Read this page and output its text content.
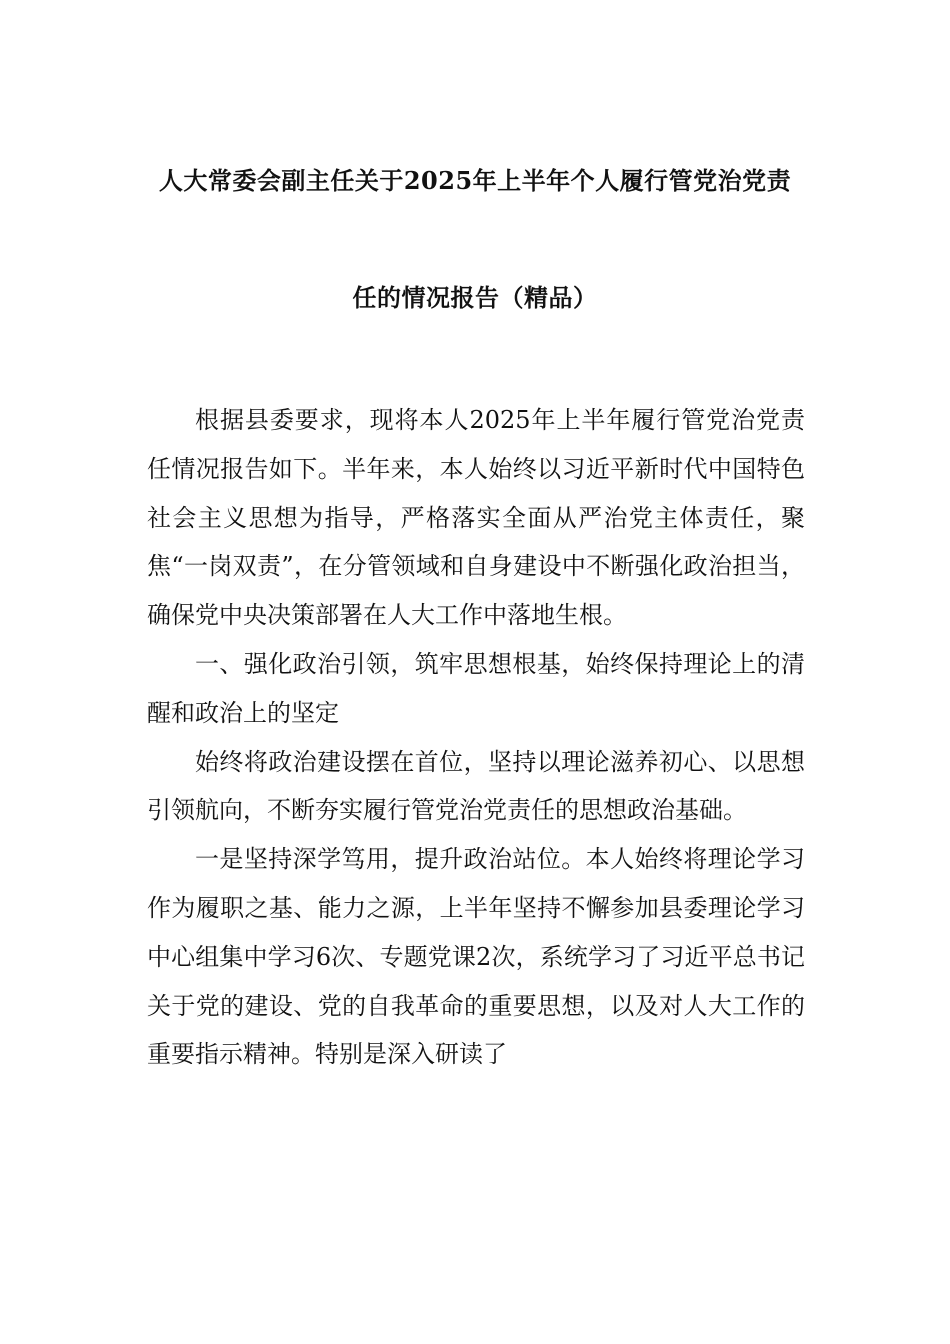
人大常委会副主任关于2025年上半年个人履行管党治党责
任的情况报告（精品）

根据县委要求，现将本人2025年上半年履行管党治党责任情况报告如下。半年来，本人始终以习近平新时代中国特色社会主义思想为指导，严格落实全面从严治党主体责任，聚焦“一岗双责”，在分管领域和自身建设中不断强化政治担当，确保党中央决策部署在人大工作中落地生根。

一、强化政治引领，筑牢思想根基，始终保持理论上的清醒和政治上的坚定

始终将政治建设摆在首位，坚持以理论滋养初心、以思想引领航向，不断夯实履行管党治党责任的思想政治基础。

一是坚持深学笃用，提升政治站位。本人始终将理论学习作为履职之基、能力之源，上半年坚持不懈参加县委理论学习中心组集中学习6次、专题党课2次，系统学习了习近平总书记关于党的建设、党的自我革命的重要思想，以及对人大工作的重要指示精神。特别是深入研读了
